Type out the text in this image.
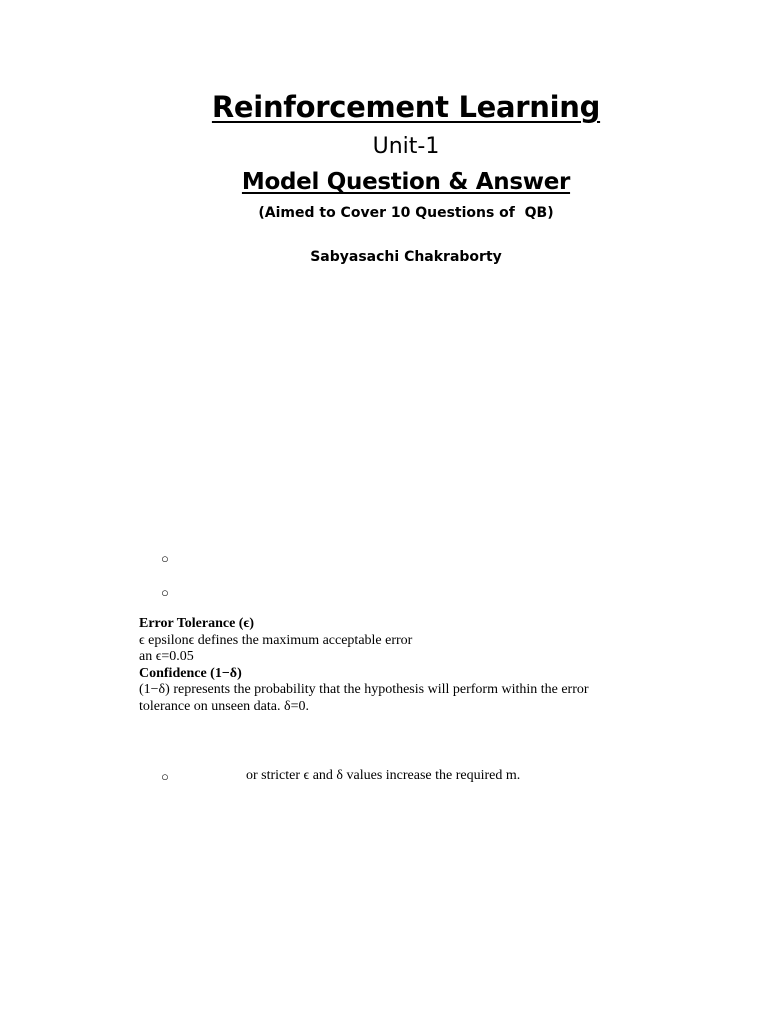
Reinforcement Learning
Unit-1
Model Question & Answer
(Aimed to Cover 10 Questions of  QB)
Sabyasachi Chakraborty
○
○
Error Tolerance (ϵ)
ϵ epsilonϵ defines the maximum acceptable error
an ϵ=0.05
Confidence (1−δ)
(1−δ) represents the probability that the hypothesis will perform within the error
tolerance on unseen data. δ=0.
○	or stricter ϵ and δ values increase the required m.
